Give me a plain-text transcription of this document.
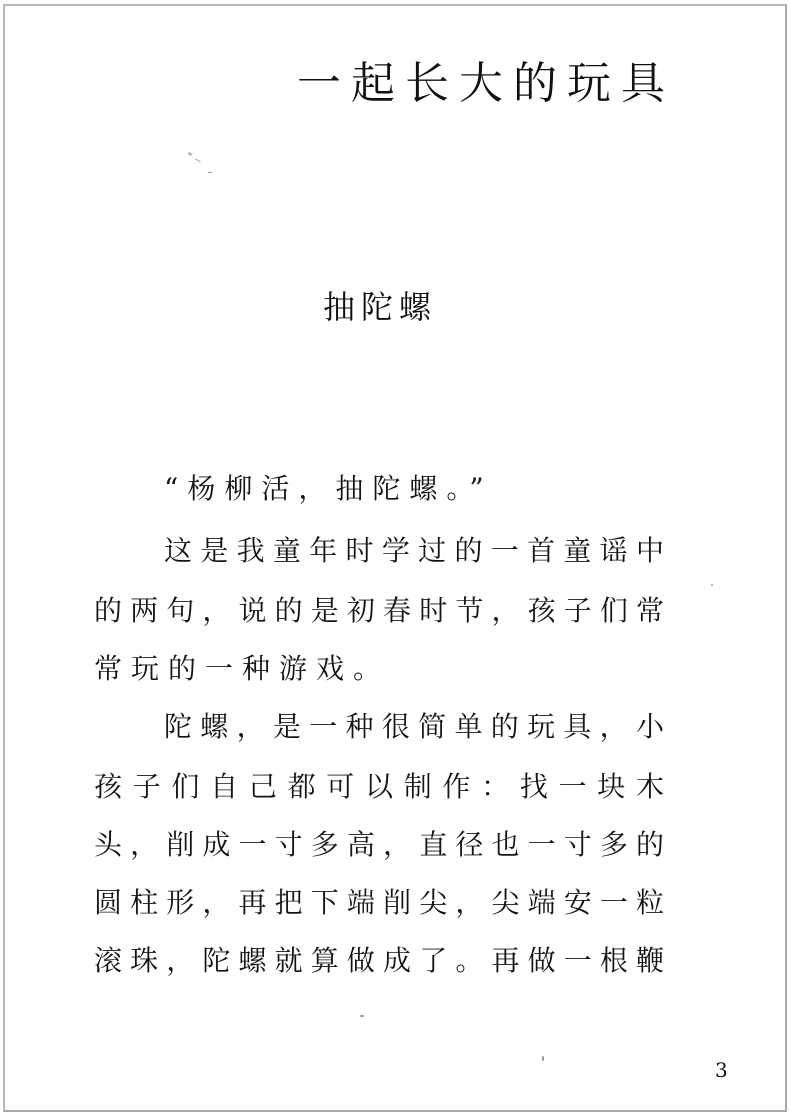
一起长大的玩具
抽陀螺
“杨柳活，抽陀螺。”
这是我童年时学过的一首童谣中
的两句，说的是初春时节，孩子们常
常玩的一种游戏。
陀螺，是一种很简单的玩具，小
孩子们自己都可以制作：找一块木
头，削成一寸多高，直径也一寸多的
圆柱形，再把下端削尖，尖端安一粒
滚珠，陀螺就算做成了。再做一根鞭
3
